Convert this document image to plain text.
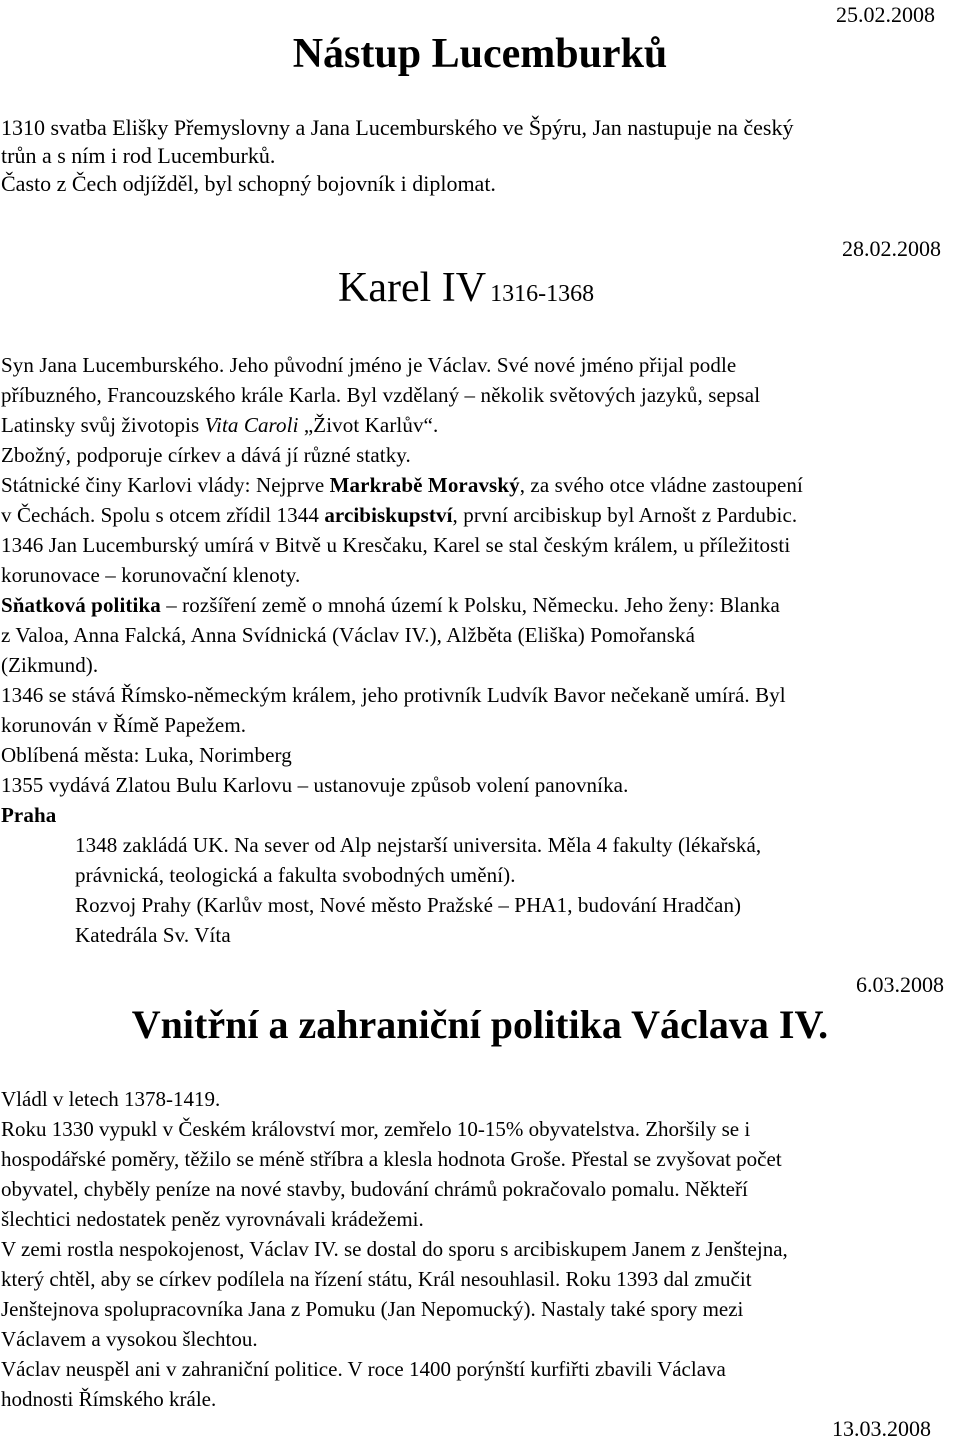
25.02.2008
Nástup Lucemburků
1310 svatba Elišky Přemyslovny a Jana Lucemburského ve Špýru, Jan nastupuje na český
trůn a s ním i rod Lucemburků.
Často z Čech odjížděl, byl schopný bojovník i diplomat.
28.02.2008
Karel IV 1316-1368
Syn Jana Lucemburského. Jeho původní jméno je Václav. Své nové jméno přijal podle
příbuzného, Francouzského krále Karla. Byl vzdělaný – několik světových jazyků, sepsal
Latinsky svůj životopis Vita Caroli „Život Karlův“.
Zbožný, podporuje církev a dává jí různé statky.
Státnické činy Karlovi vlády: Nejprve Markrabě Moravský, za svého otce vládne zastoupení
v Čechách. Spolu s otcem zřídil 1344 arcibiskupství, první arcibiskup byl Arnošt z Pardubic.
1346 Jan Lucemburský umírá v Bitvě u Kresčaku, Karel se stal českým králem, u příležitosti
korunovace – korunovační klenoty.
Sňatková politika – rozšíření země o mnohá území k Polsku, Německu. Jeho ženy: Blanka
z Valoa, Anna Falcká, Anna Svídnická (Václav IV.), Alžběta (Eliška) Pomořanská
(Zikmund).
1346 se stává Římsko-německým králem, jeho protivník Ludvík Bavor nečekaně umírá. Byl
korunován v Římě Papežem.
Oblíbená města: Luka, Norimberg
1355 vydává Zlatou Bulu Karlovu – ustanovuje způsob volení panovníka.
Praha
1348 zakládá UK. Na sever od Alp nejstarší universita. Měla 4 fakulty (lékařská,
právnická, teologická a fakulta svobodných umění).
Rozvoj Prahy (Karlův most, Nové město Pražské – PHA1, budování Hradčan)
Katedrála Sv. Víta
6.03.2008
Vnitřní a zahraniční politika Václava IV.
Vládl v letech 1378-1419.
Roku 1330 vypukl v Českém království mor, zemřelo 10-15% obyvatelstva. Zhoršily se i
hospodářské poměry, těžilo se méně stříbra a klesla hodnota Groše. Přestal se zvyšovat počet
obyvatel, chyběly peníze na nové stavby, budování chrámů pokračovalo pomalu. Někteří
šlechtici nedostatek peněz vyrovnávali krádežemi.
V zemi rostla nespokojenost, Václav IV. se dostal do sporu s arcibiskupem Janem z Jenštejna,
který chtěl, aby se církev podílela na řízení státu, Král nesouhlasil. Roku 1393 dal zmučit
Jenštejnova spolupracovníka Jana z Pomuku (Jan Nepomucký). Nastaly také spory mezi
Václavem a vysokou šlechtou.
Václav neuspěl ani v zahraniční politice. V roce 1400 porýnští kurfiřti zbavili Václava
hodnosti Římského krále.
13.03.2008
